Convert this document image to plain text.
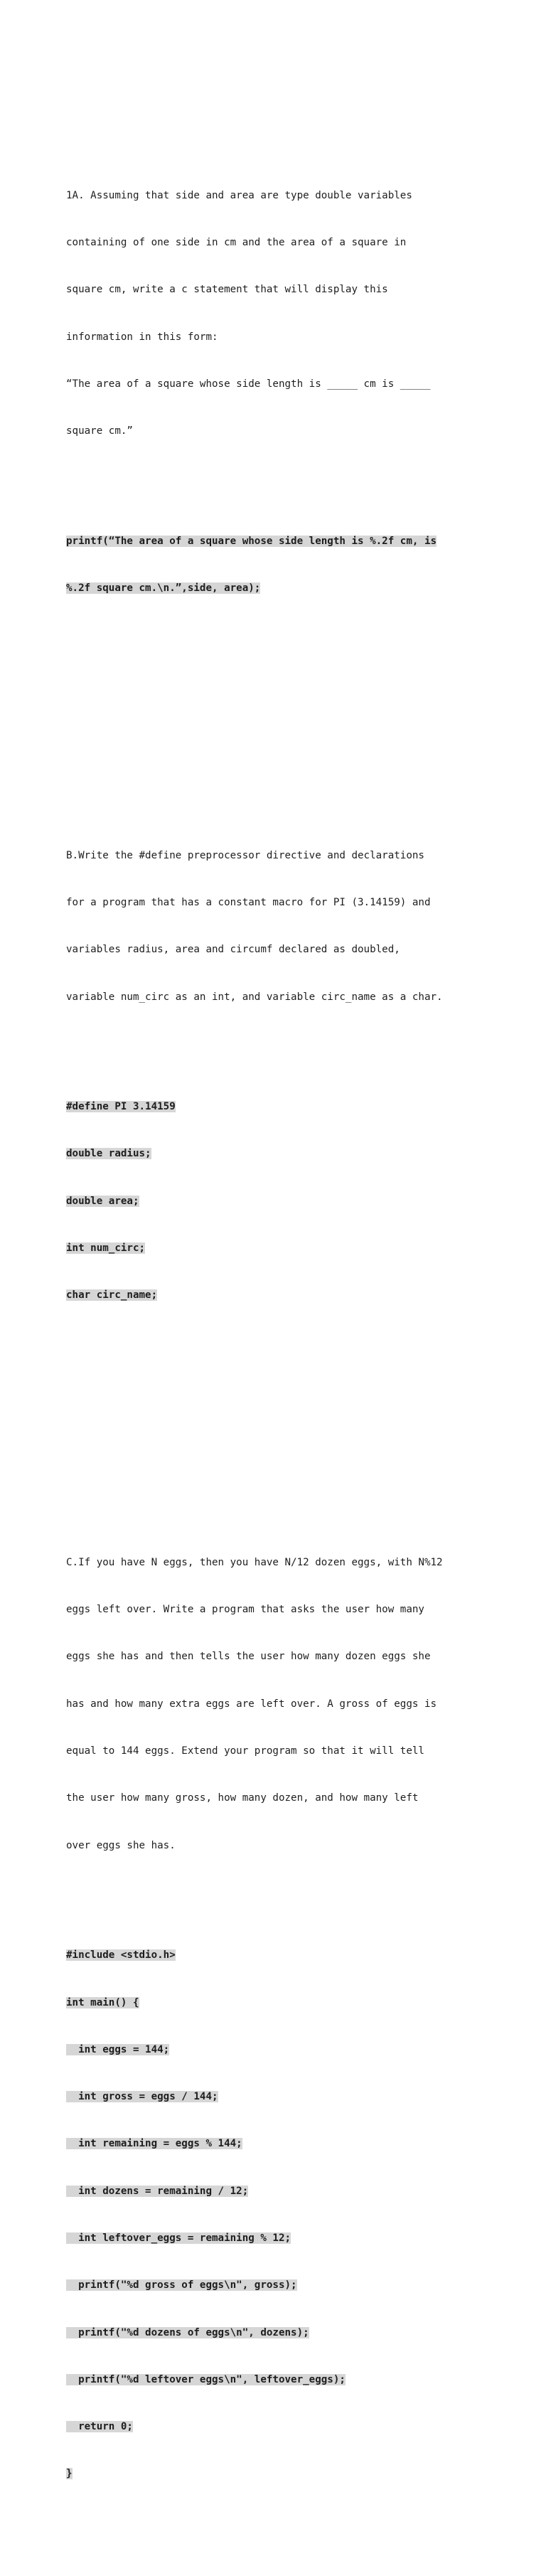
1A. Assuming that side and area are type double variables

containing of one side in cm and the area of a square in

square cm, write a c statement that will display this

information in this form:

“The area of a square whose side length is _____ cm is _____

square cm.”

printf(“The area of a square whose side length is %.2f cm, is

%.2f square cm.\n.”,side, area);

B.Write the #define preprocessor directive and declarations

for a program that has a constant macro for PI (3.14159) and

variables radius, area and circumf declared as doubled,

variable num_circ as an int, and variable circ_name as a char.

#define PI 3.14159

double radius;

double area;

int num_circ;

char circ_name;

C.If you have N eggs, then you have N/12 dozen eggs, with N%12

eggs left over. Write a program that asks the user how many

eggs she has and then tells the user how many dozen eggs she

has and how many extra eggs are left over. A gross of eggs is

equal to 144 eggs. Extend your program so that it will tell

the user how many gross, how many dozen, and how many left

over eggs she has.

#include <stdio.h>

int main() {

int eggs = 144;

int gross = eggs / 144;

int remaining = eggs % 144;

int dozens = remaining / 12;

int leftover_eggs = remaining % 12;

printf("%d gross of eggs\n", gross);

printf("%d dozens of eggs\n", dozens);

printf("%d leftover eggs\n", leftover_eggs);

return 0;

}
